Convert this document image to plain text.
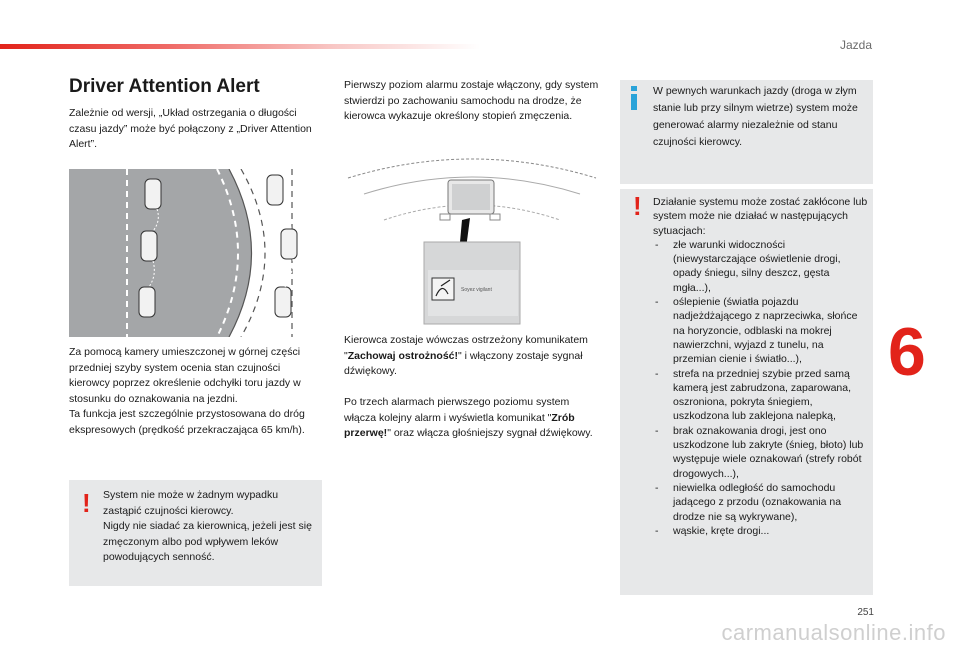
Jazda
Driver Attention Alert

Zależnie od wersji, „Układ ostrzegania o długości czasu jazdy” może być połączony z „Driver Attention Alert”.

Za pomocą kamery umieszczonej w górnej części przedniej szyby system ocenia stan czujności kierowcy poprzez określenie odchyłki toru jazdy w stosunku do oznakowania na jezdni.

Ta funkcja jest szczególnie przystosowana do dróg ekspresowych (prędkość przekraczająca 65 km/h).

! System nie może w żadnym wypadku zastąpić czujności kierowcy.
Nigdy nie siadać za kierownicą, jeżeli jest się zmęczonym albo pod wpływem leków powodujących senność.

Pierwszy poziom alarmu zostaje włączony, gdy system stwierdzi po zachowaniu samochodu na drodze, że kierowca wykazuje określony stopień zmęczenia.

Soyez vigilant

Kierowca zostaje wówczas ostrzeżony komunikatem "Zachowaj ostrożność!" i włączony zostaje sygnał dźwiękowy.

Po trzech alarmach pierwszego poziomu system włącza kolejny alarm i wyświetla komunikat "Zrób przerwę!" oraz włącza głośniejszy sygnał dźwiękowy.

W pewnych warunkach jazdy (droga w złym stanie lub przy silnym wietrze) system może generować alarmy niezależnie od stanu czujności kierowcy.
! Działanie systemu może zostać zakłócone lub system może nie działać w następujących sytuacjach:
- złe warunki widoczności (niewystarczające oświetlenie drogi, opady śniegu, silny deszcz, gęsta mgła...),
- oślepienie (światła pojazdu nadjeżdżającego z naprzeciwka, słońce na horyzoncie, odblaski na mokrej nawierzchni, wyjazd z tunelu, na przemian cienie i światło...),
- strefa na przedniej szybie przed samą kamerą jest zabrudzona, zaparowana, oszroniona, pokryta śniegiem, uszkodzona lub zaklejona nalepką,
- brak oznakowania drogi, jest ono uszkodzone lub zakryte (śnieg, błoto) lub występuje wiele oznakowań (strefy robót drogowych...),
- niewielka odległość do samochodu jadącego z przodu (oznakowania na drodze nie są wykrywane),
- wąskie, kręte drogi...
6
251
carmanualsonline.info
